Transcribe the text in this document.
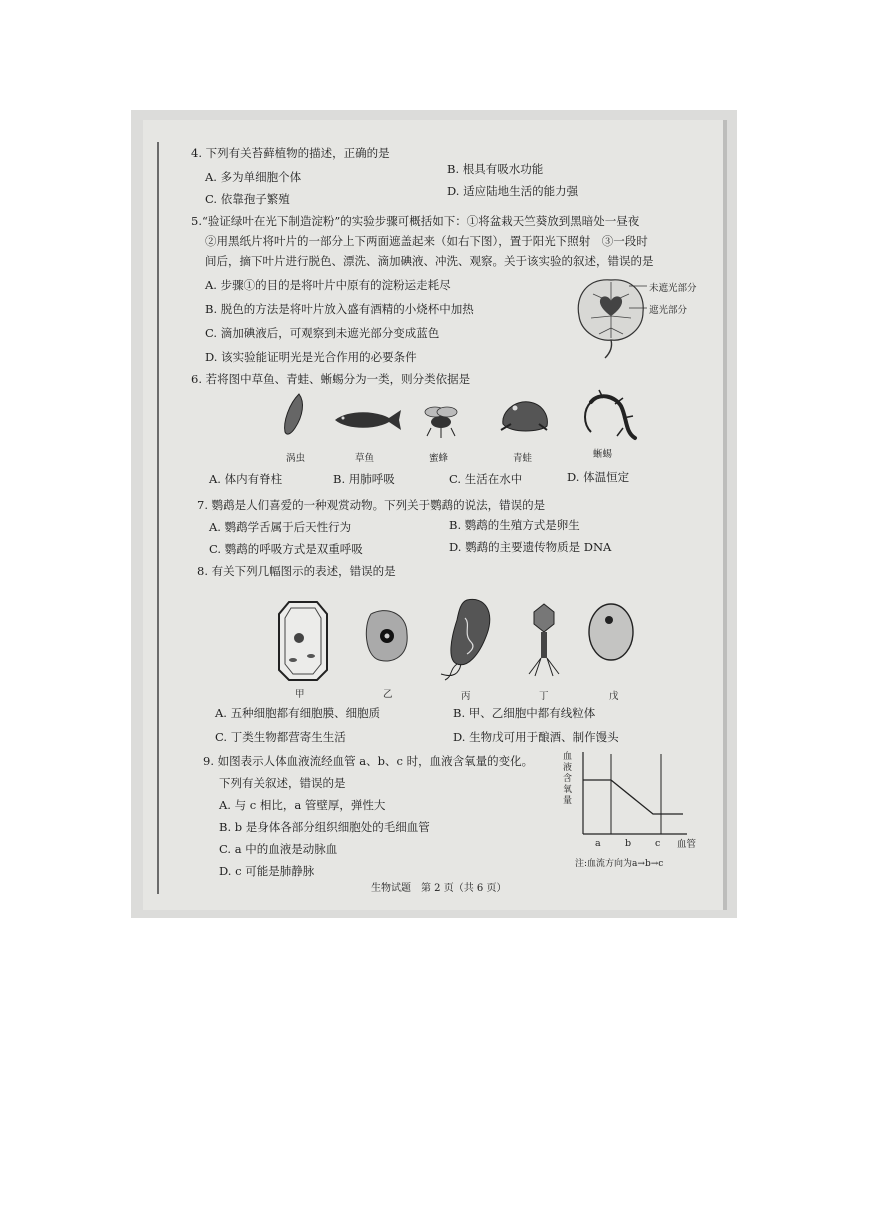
4. 下列有关苔藓植物的描述，正确的是
B. 根具有吸水功能
A. 多为单细胞个体
D. 适应陆地生活的能力强
C. 依靠孢子繁殖
5.“验证绿叶在光下制造淀粉”的实验步骤可概括如下：①将盆栽天竺葵放到黑暗处一昼夜
②用黑纸片将叶片的一部分上下两面遮盖起来（如右下图），置于阳光下照射　③一段时
间后，摘下叶片进行脱色、漂洗、滴加碘液、冲洗、观察。关于该实验的叙述，错误的是
A. 步骤①的目的是将叶片中原有的淀粉运走耗尽
B. 脱色的方法是将叶片放入盛有酒精的小烧杯中加热
C. 滴加碘液后，可观察到未遮光部分变成蓝色
D. 该实验能证明光是光合作用的必要条件
未遮光部分
遮光部分
6. 若将图中草鱼、青蛙、蜥蜴分为一类，则分类依据是
涡虫	草鱼	蜜蜂	青蛙	蜥蜴
A. 体内有脊柱	B. 用肺呼吸	C. 生活在水中	D. 体温恒定
7. 鹦鹉是人们喜爱的一种观赏动物。下列关于鹦鹉的说法，错误的是
A. 鹦鹉学舌属于后天性行为	B. 鹦鹉的生殖方式是卵生
C. 鹦鹉的呼吸方式是双重呼吸	D. 鹦鹉的主要遗传物质是 DNA
8. 有关下列几幅图示的表述，错误的是
甲	乙	丙	丁	戊
A. 五种细胞都有细胞膜、细胞质	B. 甲、乙细胞中都有线粒体
C. 丁类生物都营寄生生活	D. 生物戊可用于酿酒、制作馒头
9. 如图表示人体血液流经血管 a、b、c 时，血液含氧量的变化。
下列有关叙述，错误的是
A. 与 c 相比，a 管壁厚，弹性大
B. b 是身体各部分组织细胞处的毛细血管
C. a 中的血液是动脉血
D. c 可能是肺静脉
血液含氧量
a	b	c 血管
注:血流方向为a→b→c
生物试题　第 2 页（共 6 页）
